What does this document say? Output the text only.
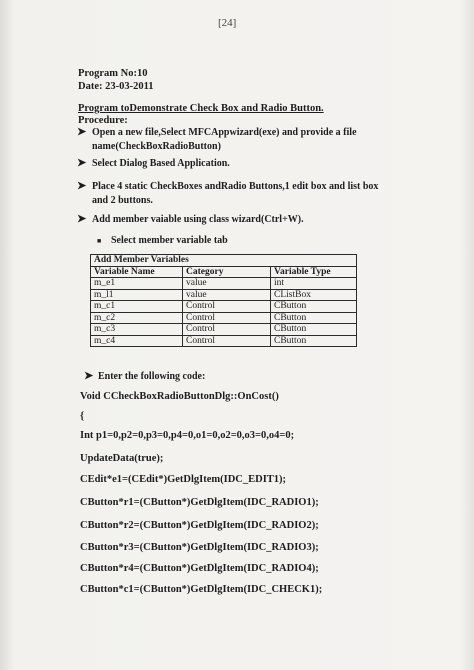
[24]
Program No:10
Date: 23-03-2011
Program toDemonstrate Check Box and Radio Button.
Procedure:
➤ Open a new file,Select MFCAppwizard(exe) and provide a file
name(CheckBoxRadioButton)
➤ Select Dialog Based Application.
➤ Place 4 static CheckBoxes andRadio Buttons,1 edit box and list box
and 2 buttons.
➤ Add member vaiable using class wizard(Ctrl+W).
■ Select member variable tab
Add Member Variables		
Variable Name	Category	Variable Type
m_e1	value	int
m_l1	value	CListBox
m_c1	Control	CButton
m_c2	Control	CButton
m_c3	Control	CButton
m_c4	Control	CButton
➤ Enter the following code:
Void CCheckBoxRadioButtonDlg::OnCost()
{
Int p1=0,p2=0,p3=0,p4=0,o1=0,o2=0,o3=0,o4=0;
UpdateData(true);
CEdit*e1=(CEdit*)GetDlgItem(IDC_EDIT1);
CButton*r1=(CButton*)GetDlgItem(IDC_RADIO1);
CButton*r2=(CButton*)GetDlgItem(IDC_RADIO2);
CButton*r3=(CButton*)GetDlgItem(IDC_RADIO3);
CButton*r4=(CButton*)GetDlgItem(IDC_RADIO4);
CButton*c1=(CButton*)GetDlgItem(IDC_CHECK1);
